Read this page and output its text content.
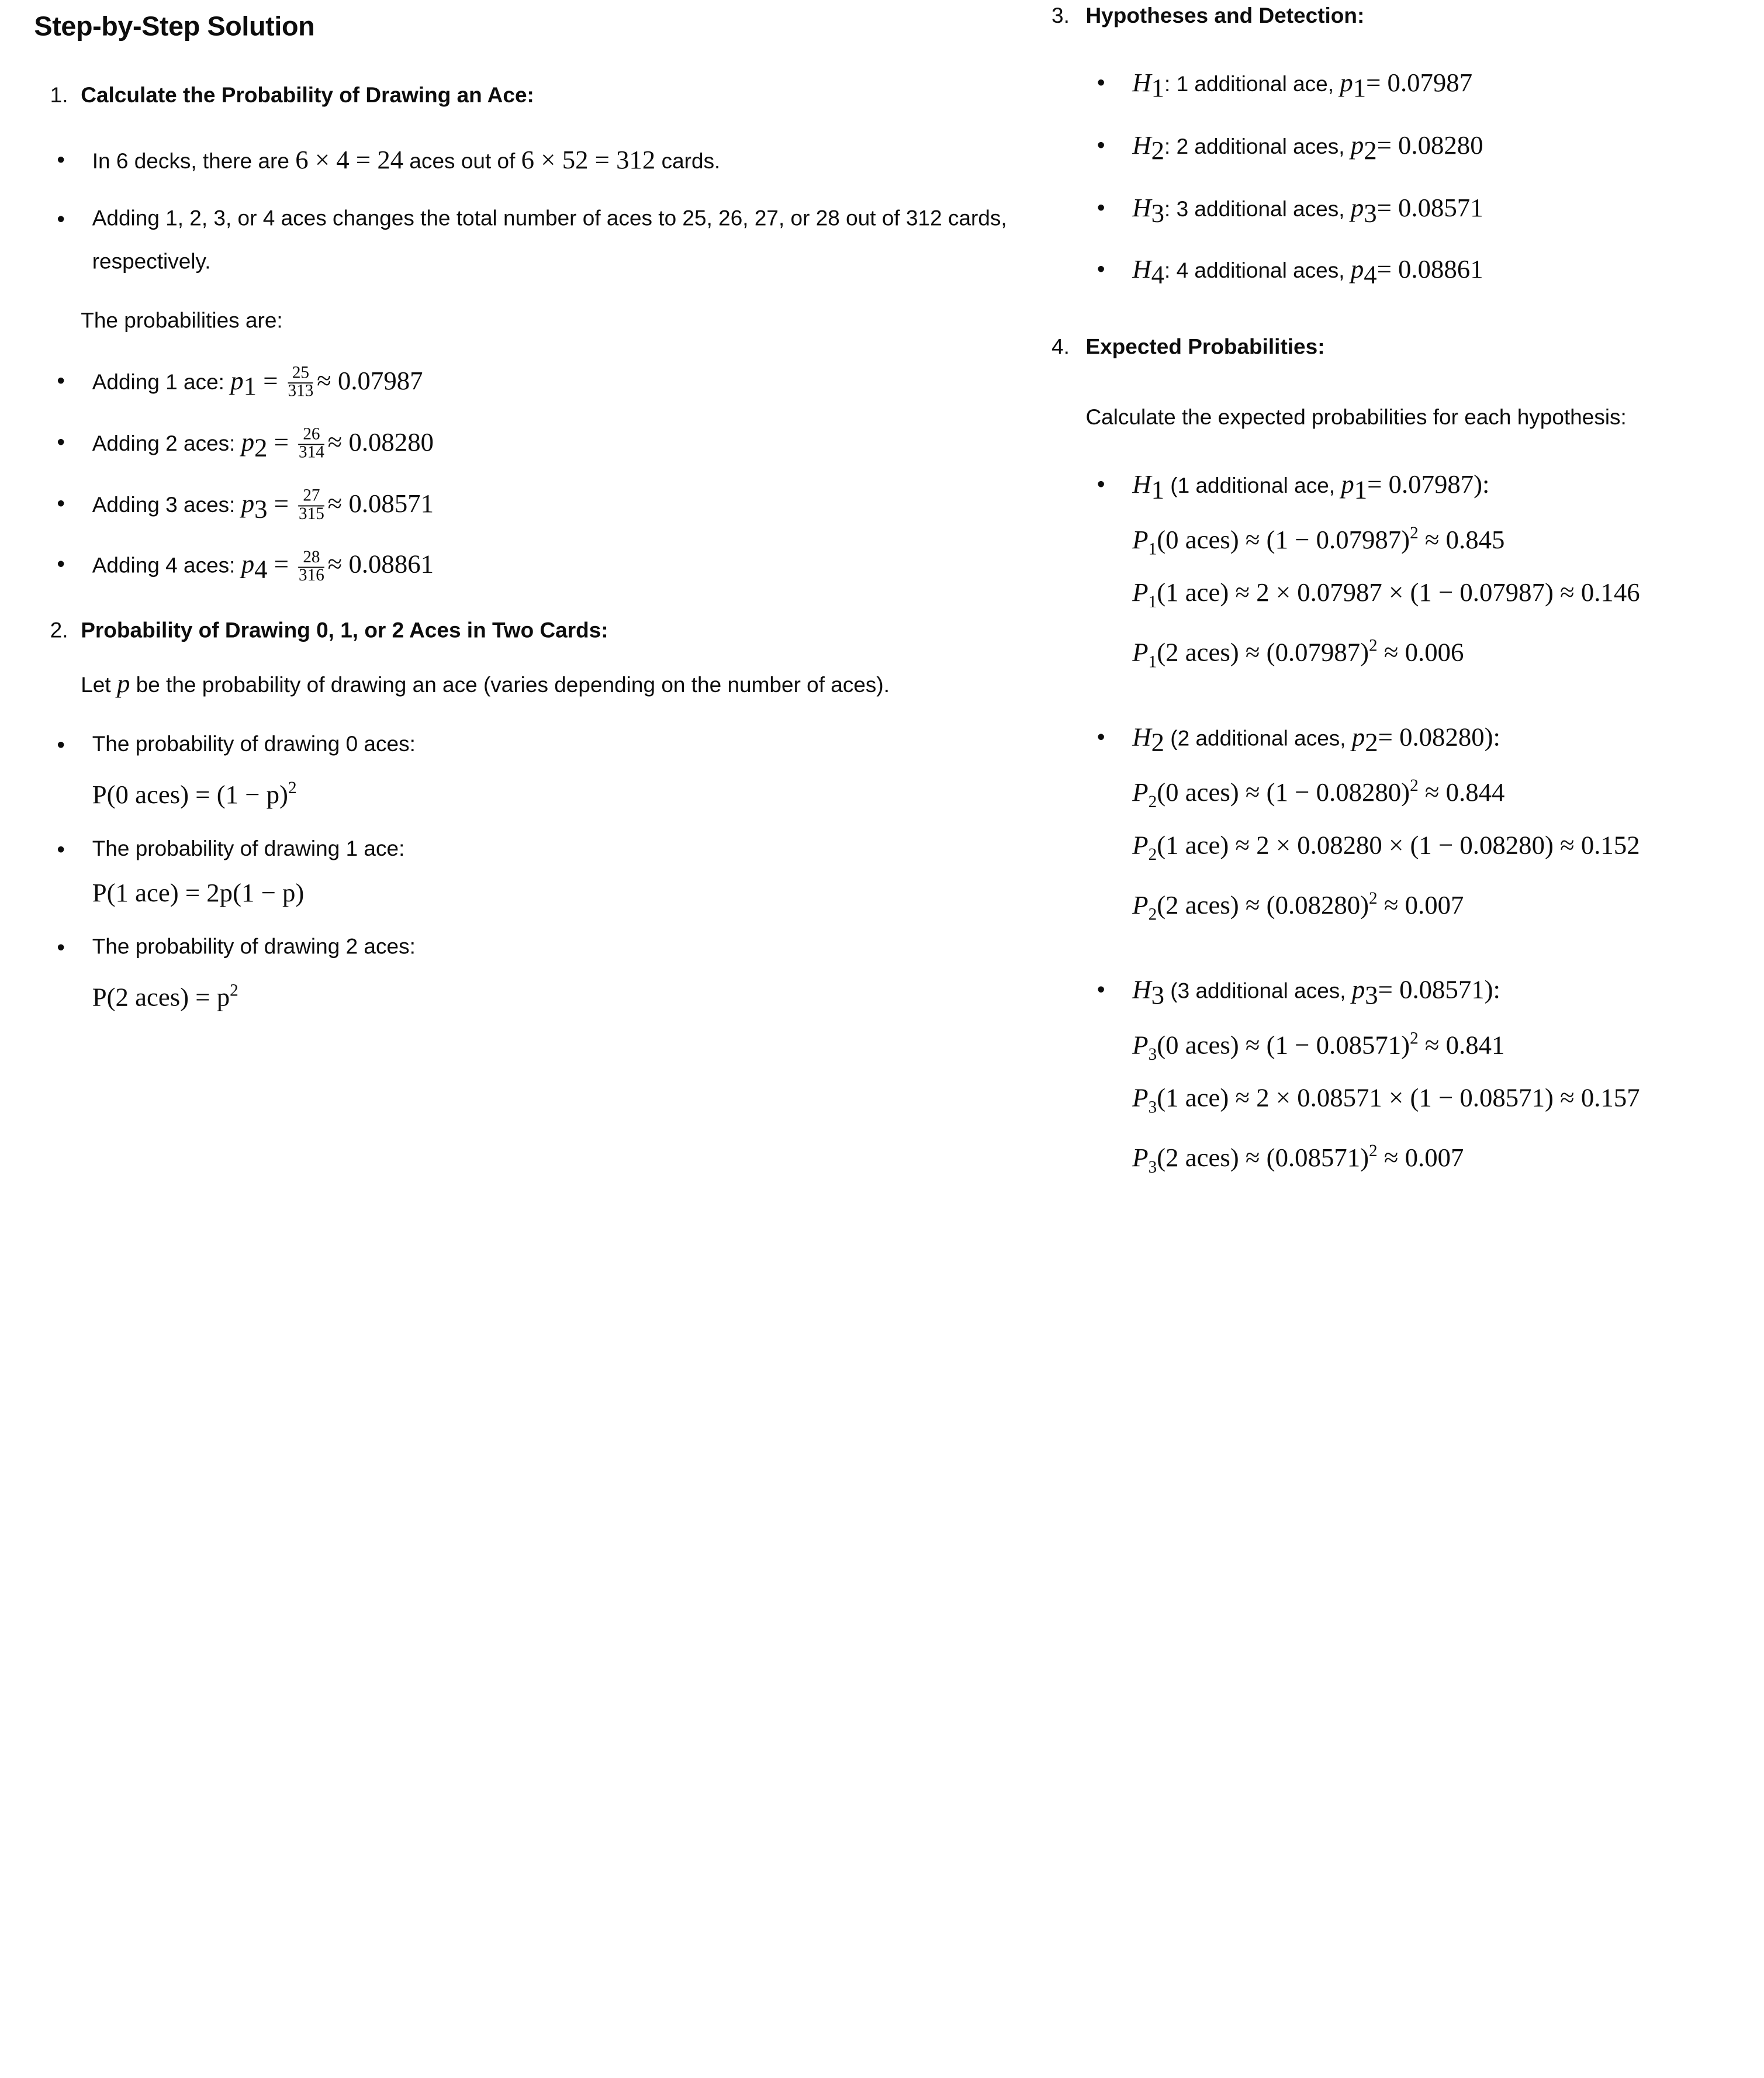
Step-by-Step Solution
1. Calculate the Probability of Drawing an Ace:
• In 6 decks, there are 6 × 4 = 24 aces out of 6 × 52 = 312 cards.
• Adding 1, 2, 3, or 4 aces changes the total number of aces to 25, 26, 27, or 28 out of 312 cards, respectively.
The probabilities are:
• Adding 1 ace: $p_1 = \frac{25}{313} \approx 0.07987$
• Adding 2 aces: $p_2 = \frac{26}{314} \approx 0.08280$
• Adding 3 aces: $p_3 = \frac{27}{315} \approx 0.08571$
• Adding 4 aces: $p_4 = \frac{28}{316} \approx 0.08861$
2. Probability of Drawing 0, 1, or 2 Aces in Two Cards:
Let p be the probability of drawing an ace (varies depending on the number of aces).
• The probability of drawing 0 aces:
P(0 aces) = $(1 - p)^2$
• The probability of drawing 1 ace:
P(1 ace) = 2p(1 − p)
• The probability of drawing 2 aces:
P(2 aces) = $p^2$
3. Hypotheses and Detection:
• $H_1$: 1 additional ace, $p_1= 0.07987$
• $H_2$: 2 additional aces, $p_2= 0.08280$
• $H_3$: 3 additional aces, $p_3= 0.08571$
• $H_4$: 4 additional aces, $p_4= 0.08861$
4. Expected Probabilities:
Calculate the expected probabilities for each hypothesis:
• $H_1$ (1 additional ace, $p_1= 0.07987$):
$P_1(0$ aces) ≈ $(1 - 0.07987)^2 \approx 0.845$
$P_1(1$ ace) ≈ 2 × 0.07987 × (1 − 0.07987) ≈ 0.146
$P_1(2$ aces) ≈ $(0.07987)^2 \approx 0.006$
• $H_2$ (2 additional aces, $p_2= 0.08280$):
$P_2(0$ aces) ≈ $(1 - 0.08280)^2 \approx 0.844$
$P_2(1$ ace) ≈ 2 × 0.08280 × (1 − 0.08280) ≈ 0.152
$P_2(2$ aces) ≈ $(0.08280)^2 \approx 0.007$
• $H_3$ (3 additional aces, $p_3= 0.08571$):
$P_3(0$ aces) ≈ $(1 - 0.08571)^2 \approx 0.841$
$P_3(1$ ace) ≈ 2 × 0.08571 × (1 − 0.08571) ≈ 0.157
$P_3(2$ aces) ≈ $(0.08571)^2 \approx 0.007$
